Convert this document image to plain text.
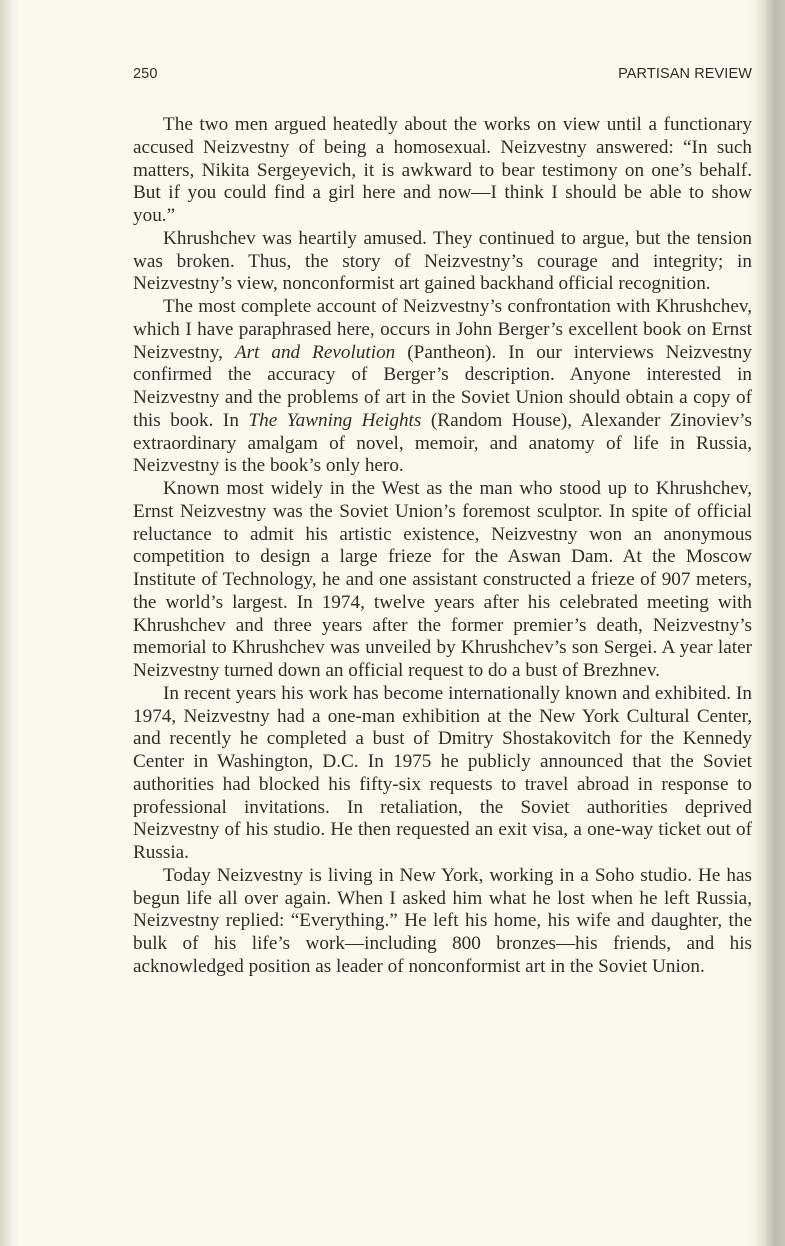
250	PARTISAN REVIEW

The two men argued heatedly about the works on view until a functionary accused Neizvestny of being a homosexual. Neizvestny answered: “In such matters, Nikita Sergeyevich, it is awkward to bear testimony on one’s behalf. But if you could find a girl here and now—I think I should be able to show you.”

Khrushchev was heartily amused. They continued to argue, but the tension was broken. Thus, the story of Neizvestny’s courage and integrity; in Neizvestny’s view, nonconformist art gained backhand official recognition.

The most complete account of Neizvestny’s confrontation with Khrushchev, which I have paraphrased here, occurs in John Berger’s excellent book on Ernst Neizvestny, Art and Revolution (Pantheon). In our interviews Neizvestny confirmed the accuracy of Berger’s description. Anyone interested in Neizvestny and the problems of art in the Soviet Union should obtain a copy of this book. In The Yawning Heights (Random House), Alexander Zinoviev’s extraordinary amalgam of novel, memoir, and anatomy of life in Russia, Neizvestny is the book’s only hero.

Known most widely in the West as the man who stood up to Khrushchev, Ernst Neizvestny was the Soviet Union’s foremost sculptor. In spite of official reluctance to admit his artistic existence, Neizvestny won an anonymous competition to design a large frieze for the Aswan Dam. At the Moscow Institute of Technology, he and one assistant constructed a frieze of 907 meters, the world’s largest. In 1974, twelve years after his celebrated meeting with Khrushchev and three years after the former premier’s death, Neizvestny’s memorial to Khrushchev was unveiled by Khrushchev’s son Sergei. A year later Neizvestny turned down an official request to do a bust of Brezhnev.

In recent years his work has become internationally known and exhibited. In 1974, Neizvestny had a one-man exhibition at the New York Cultural Center, and recently he completed a bust of Dmitry Shostakovitch for the Kennedy Center in Washington, D.C. In 1975 he publicly announced that the Soviet authorities had blocked his fifty-six requests to travel abroad in response to professional invitations. In retaliation, the Soviet authorities deprived Neizvestny of his studio. He then requested an exit visa, a one-way ticket out of Russia.

Today Neizvestny is living in New York, working in a Soho studio. He has begun life all over again. When I asked him what he lost when he left Russia, Neizvestny replied: “Everything.” He left his home, his wife and daughter, the bulk of his life’s work—including 800 bronzes—his friends, and his acknowledged position as leader of nonconformist art in the Soviet Union.
